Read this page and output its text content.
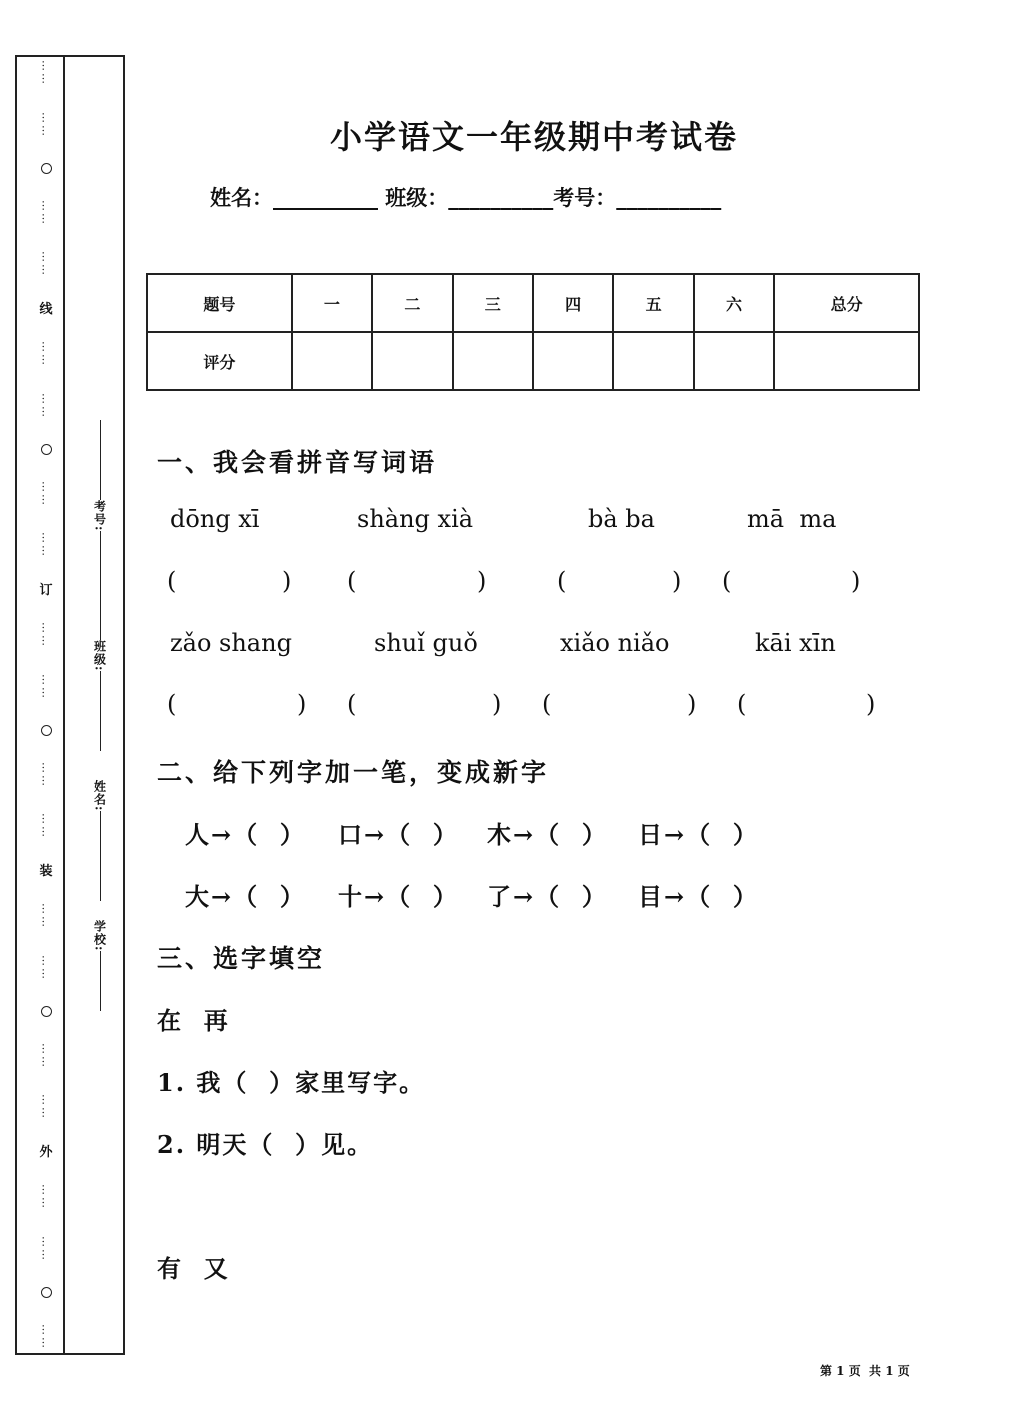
……
……
……
……
线
……
……
……
……
订
……
……
……
……
装
……
……
……
……
外
……
……
……
考号:
班级:
姓名:
学校:
小学语文一年级期中考试卷
姓名：__________ 班级：__________考号：__________
题号	一	二	三	四	五	六	总分
评分							
一、我会看拼音写词语
dōng xī	shàng xià	bà ba	mā  ma
(	) (	)	(	) (	)
zǎo shang	shuǐ guǒ	xiǎo niǎo	kāi xīn
(	) (	) (	) (	)
二、给下列字加一笔，变成新字
人→（  ） 口→（  ） 木→（  ） 日→（  ）
大→（  ） 十→（  ） 了→（  ） 目→（  ）
三、选字填空
在  再
1. 我（  ）家里写字。
2. 明天（  ）见。
有  又
第 1 页  共 1 页
